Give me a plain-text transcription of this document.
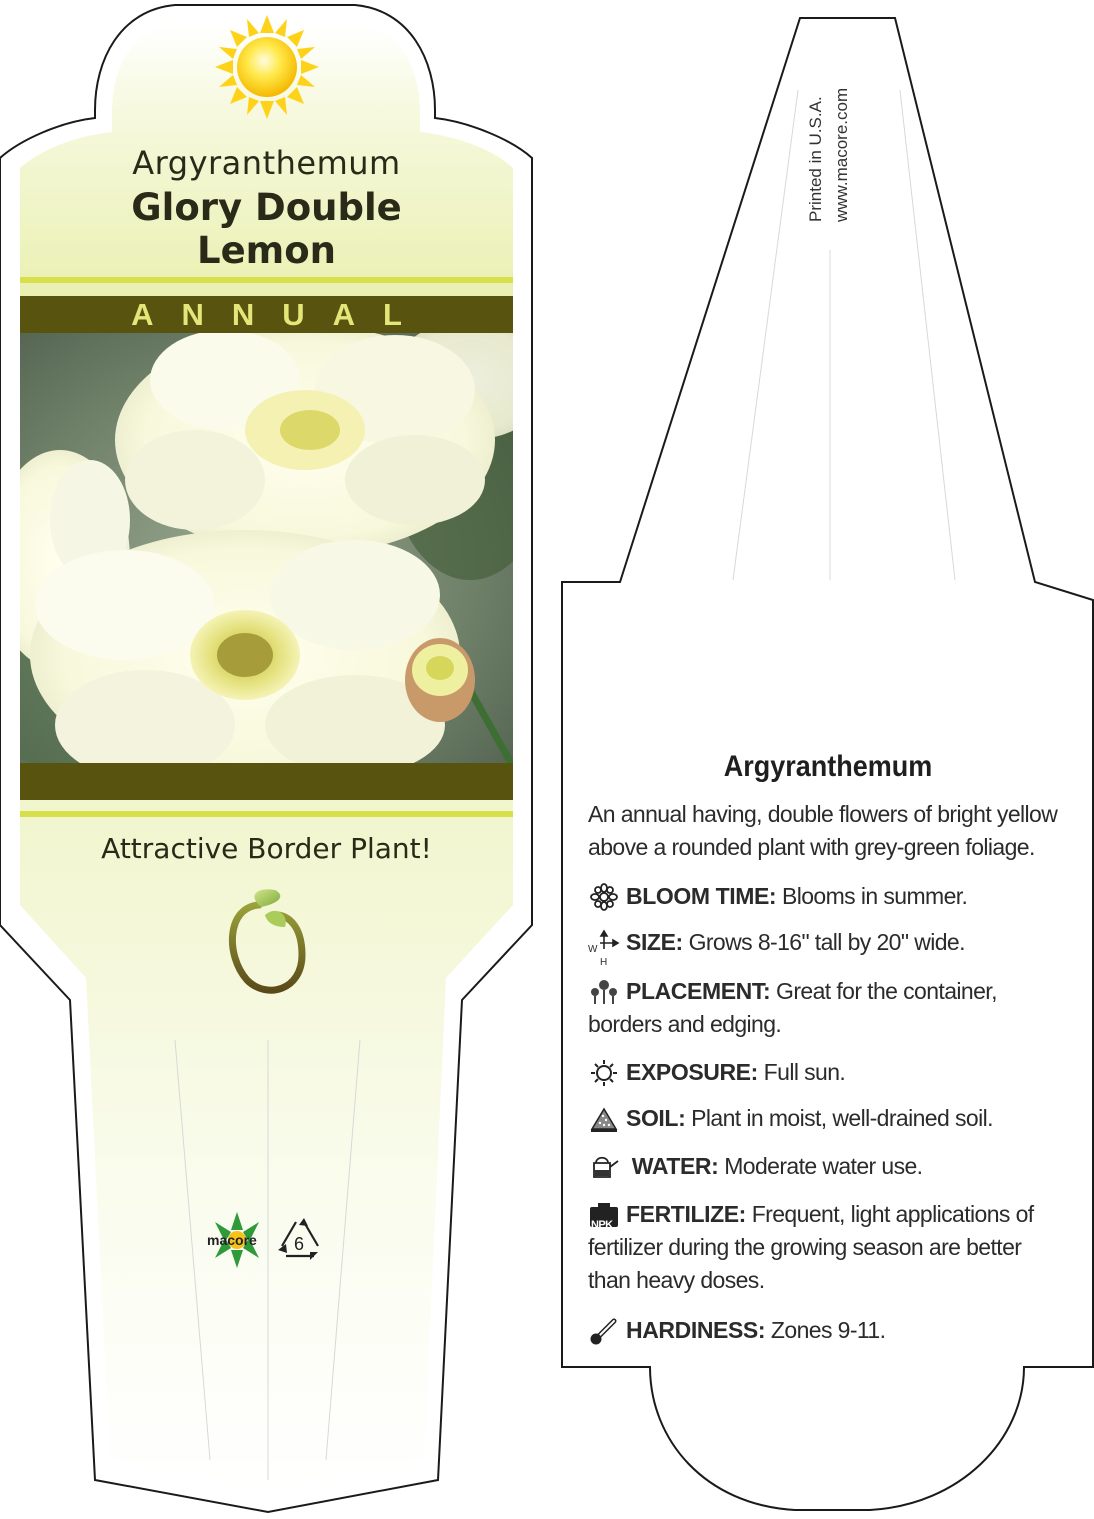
Argyranthemum
Glory Double
Lemon
ANNUAL
Attractive Border Plant!
macore 6
Printed in U.S.A. www.macore.com
Argyranthemum
An annual having, double flowers of bright yellow above a rounded plant with grey-green foliage.
BLOOM TIME: Blooms in summer.
W
H
SIZE: Grows 8-16" tall by 20" wide.
PLACEMENT: Great for the container, borders and edging.
EXPOSURE: Full sun.
SOIL: Plant in moist, well-drained soil.
WATER: Moderate water use.
NPK FERTILIZE: Frequent, light applications of fertilizer during the growing season are better than heavy doses.
HARDINESS: Zones 9-11.
